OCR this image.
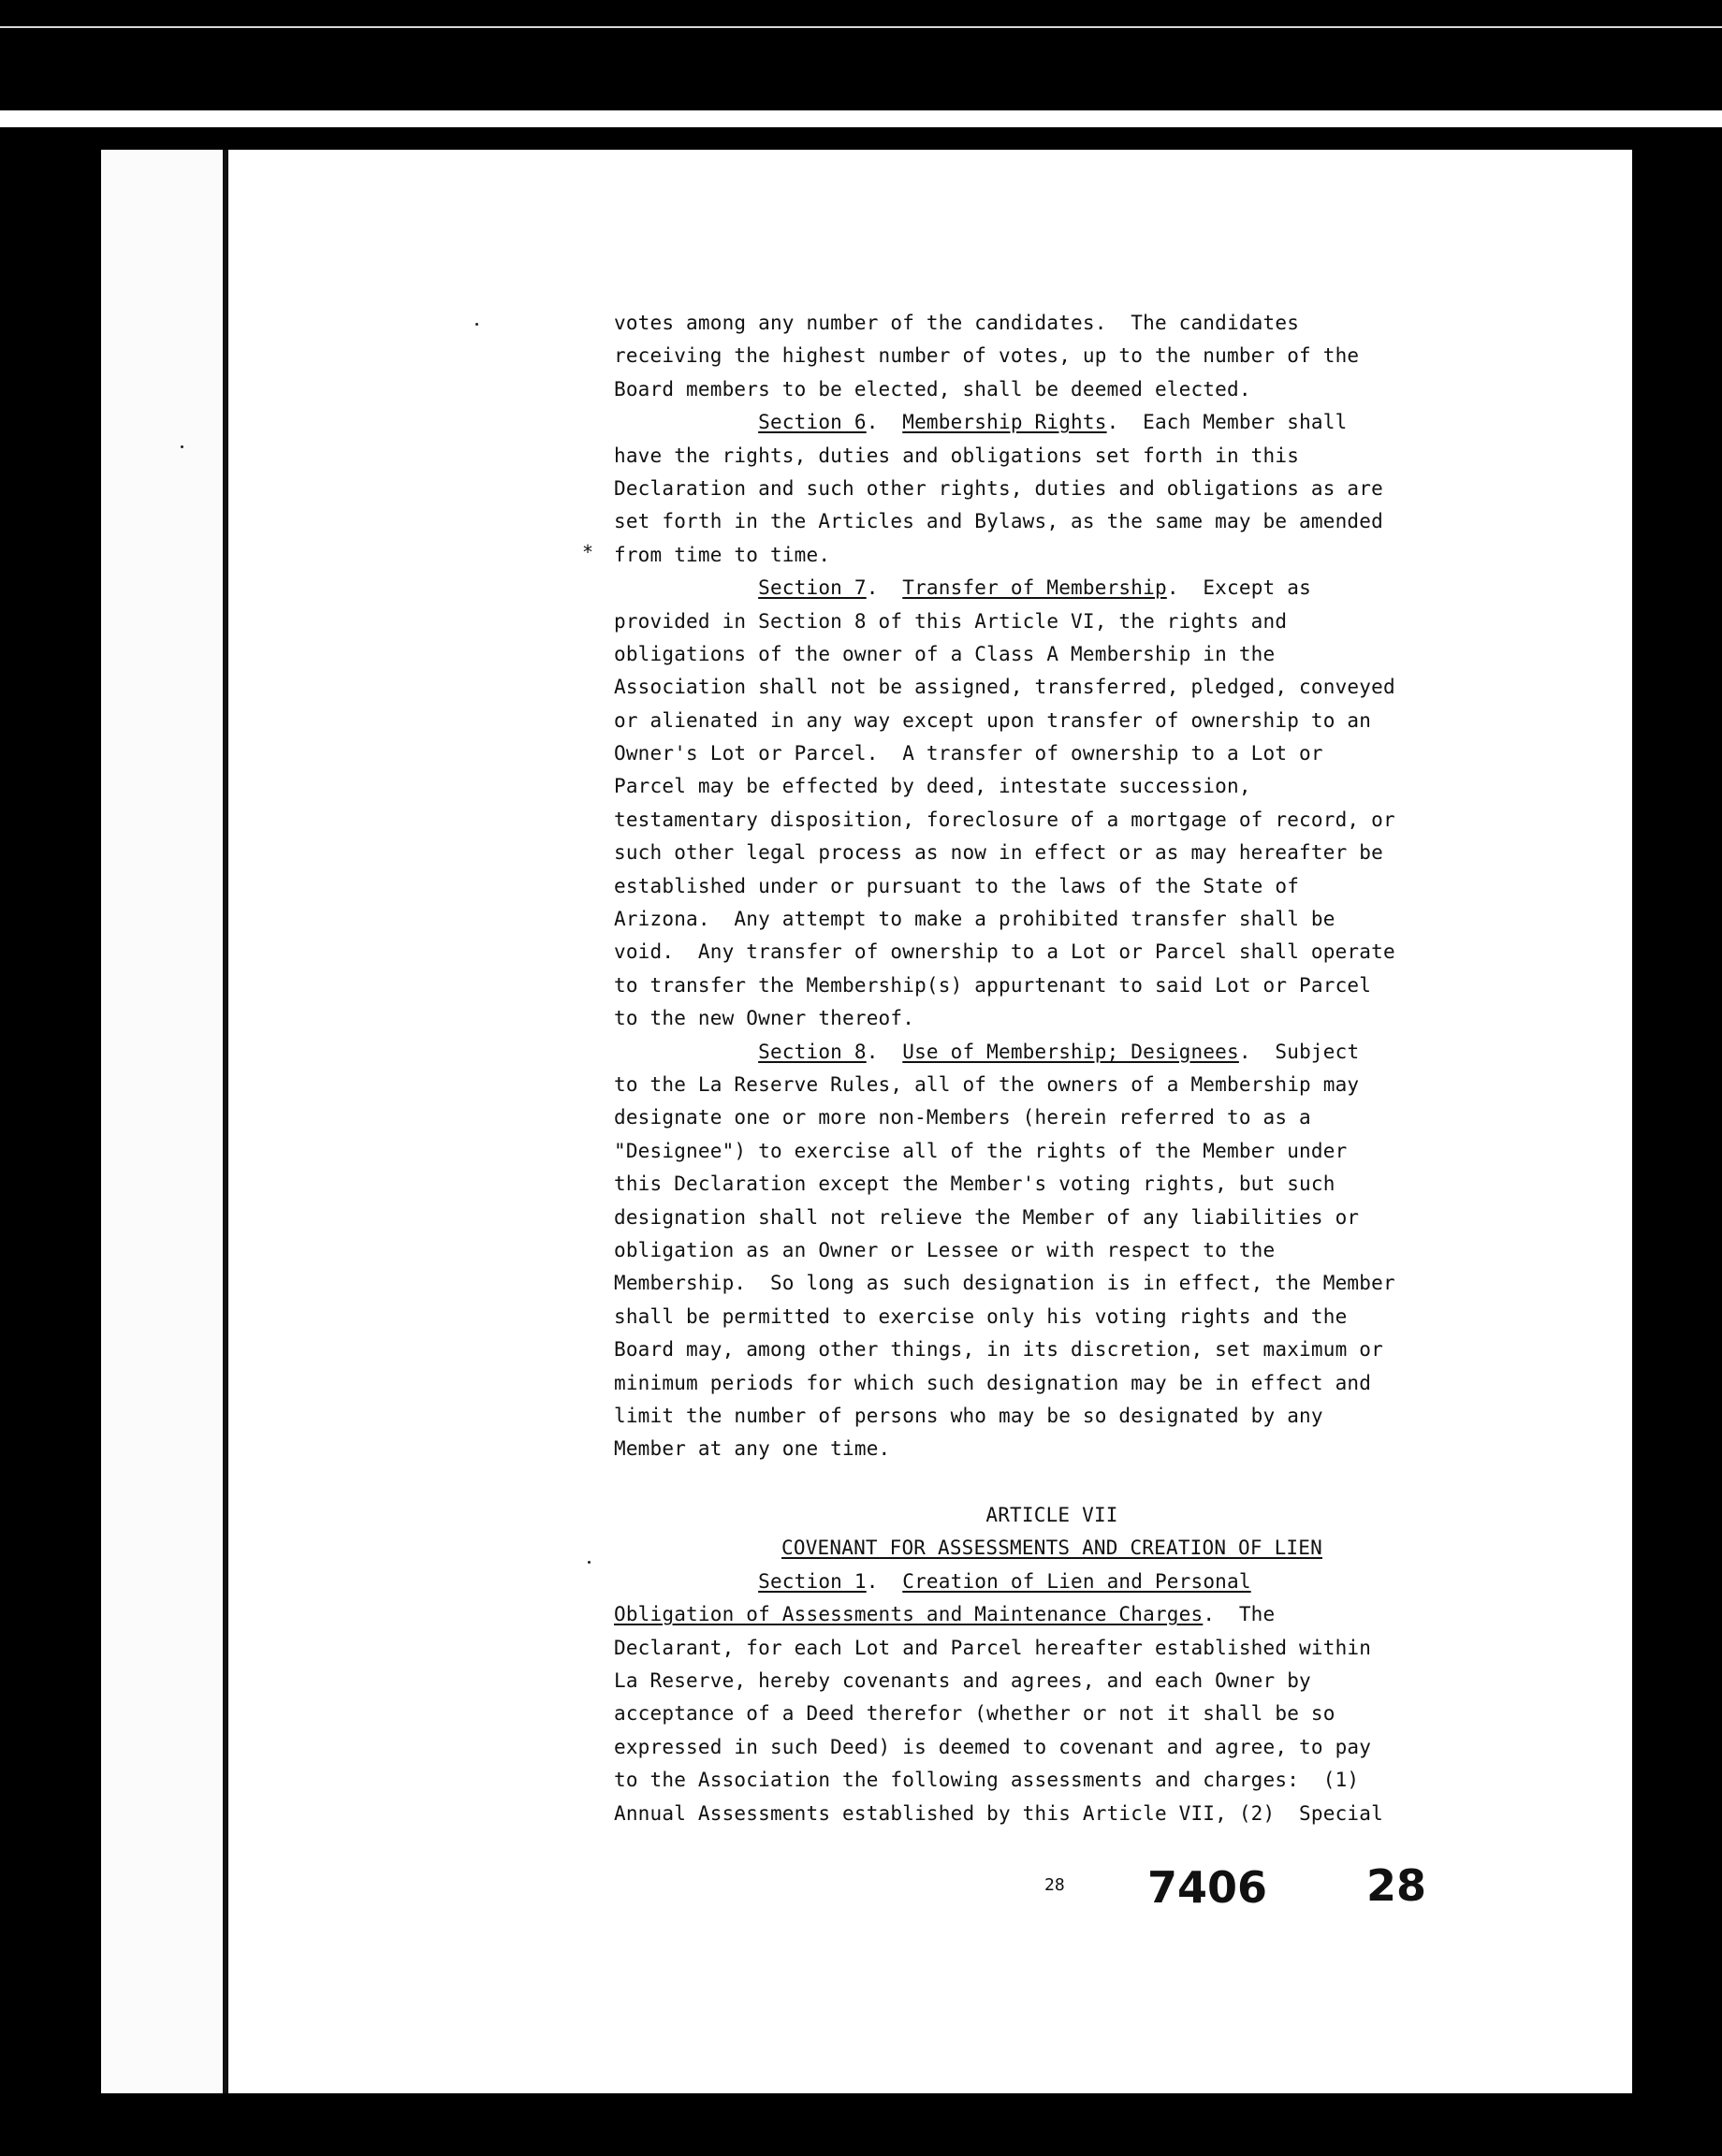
*
votes among any number of the candidates.  The candidates
receiving the highest number of votes, up to the number of the
Board members to be elected, shall be deemed elected.
Section 6.  Membership Rights.  Each Member shall
have the rights, duties and obligations set forth in this
Declaration and such other rights, duties and obligations as are
set forth in the Articles and Bylaws, as the same may be amended
from time to time.
Section 7.  Transfer of Membership.  Except as
provided in Section 8 of this Article VI, the rights and
obligations of the owner of a Class A Membership in the
Association shall not be assigned, transferred, pledged, conveyed
or alienated in any way except upon transfer of ownership to an
Owner's Lot or Parcel.  A transfer of ownership to a Lot or
Parcel may be effected by deed, intestate succession,
testamentary disposition, foreclosure of a mortgage of record, or
such other legal process as now in effect or as may hereafter be
established under or pursuant to the laws of the State of
Arizona.  Any attempt to make a prohibited transfer shall be
void.  Any transfer of ownership to a Lot or Parcel shall operate
to transfer the Membership(s) appurtenant to said Lot or Parcel
to the new Owner thereof.
Section 8.  Use of Membership; Designees.  Subject
to the La Reserve Rules, all of the owners of a Membership may
designate one or more non-Members (herein referred to as a
"Designee") to exercise all of the rights of the Member under
this Declaration except the Member's voting rights, but such
designation shall not relieve the Member of any liabilities or
obligation as an Owner or Lessee or with respect to the
Membership.  So long as such designation is in effect, the Member
shall be permitted to exercise only his voting rights and the
Board may, among other things, in its discretion, set maximum or
minimum periods for which such designation may be in effect and
limit the number of persons who may be so designated by any
Member at any one time.
ARTICLE VII
COVENANT FOR ASSESSMENTS AND CREATION OF LIEN
Section 1.  Creation of Lien and Personal
Obligation of Assessments and Maintenance Charges.  The
Declarant, for each Lot and Parcel hereafter established within
La Reserve, hereby covenants and agrees, and each Owner by
acceptance of a Deed therefor (whether or not it shall be so
expressed in such Deed) is deemed to covenant and agree, to pay
to the Association the following assessments and charges:  (1)
Annual Assessments established by this Article VII, (2)  Special
28 7406 28
